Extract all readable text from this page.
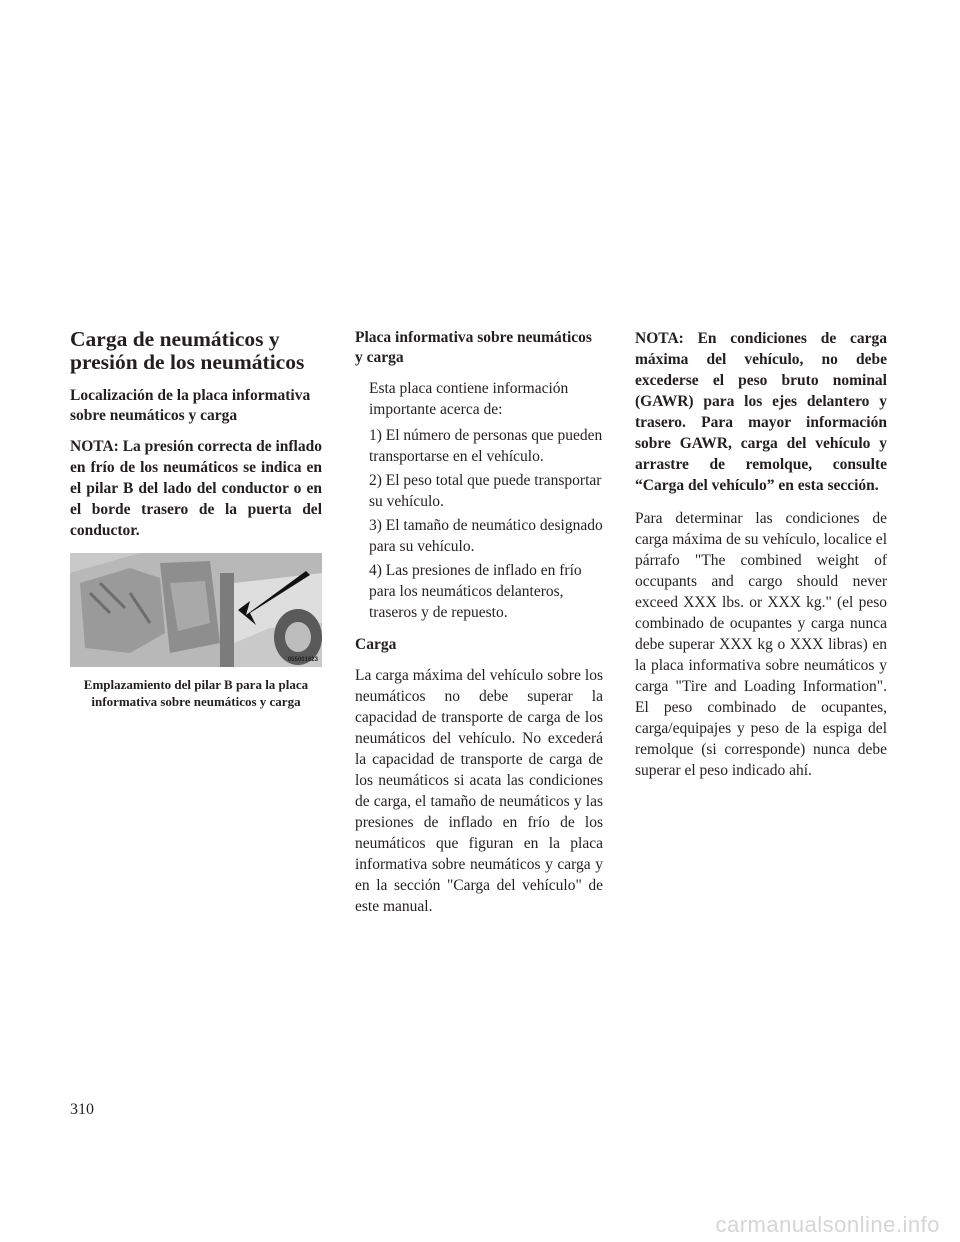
Carga de neumáticos y presión de los neumáticos
Localización de la placa informativa sobre neumáticos y carga

NOTA: La presión correcta de inflado en frío de los neumáticos se indica en el pilar B del lado del conductor o en el borde trasero de la puerta del conductor.

055001823
Emplazamiento del pilar B para la placa informativa sobre neumáticos y carga
Placa informativa sobre neumáticos y carga
Esta placa contiene información importante acerca de:
1) El número de personas que pueden transportarse en el vehículo.
2) El peso total que puede transportar su vehículo.
3) El tamaño de neumático designado para su vehículo.
4) Las presiones de inflado en frío para los neumáticos delanteros, traseros y de repuesto.
Carga

La carga máxima del vehículo sobre los neumáticos no debe superar la capacidad de transporte de carga de los neumáticos del vehículo. No excederá la capacidad de transporte de carga de los neumáticos si acata las condiciones de carga, el tamaño de neumáticos y las presiones de inflado en frío de los neumáticos que figuran en la placa informativa sobre neumáticos y carga y en la sección "Carga del vehículo" de este manual.

NOTA: En condiciones de carga máxima del vehículo, no debe excederse el peso bruto nominal (GAWR) para los ejes delantero y trasero. Para mayor información sobre GAWR, carga del vehículo y arrastre de remolque, consulte “Carga del vehículo” en esta sección.

Para determinar las condiciones de carga máxima de su vehículo, localice el párrafo "The combined weight of occupants and cargo should never exceed XXX lbs. or XXX kg." (el peso combinado de ocupantes y carga nunca debe superar XXX kg o XXX libras) en la placa informativa sobre neumáticos y carga "Tire and Loading Information". El peso combinado de ocupantes, carga/equipajes y peso de la espiga del remolque (si corresponde) nunca debe superar el peso indicado ahí.

310
carmanualsonline.info
